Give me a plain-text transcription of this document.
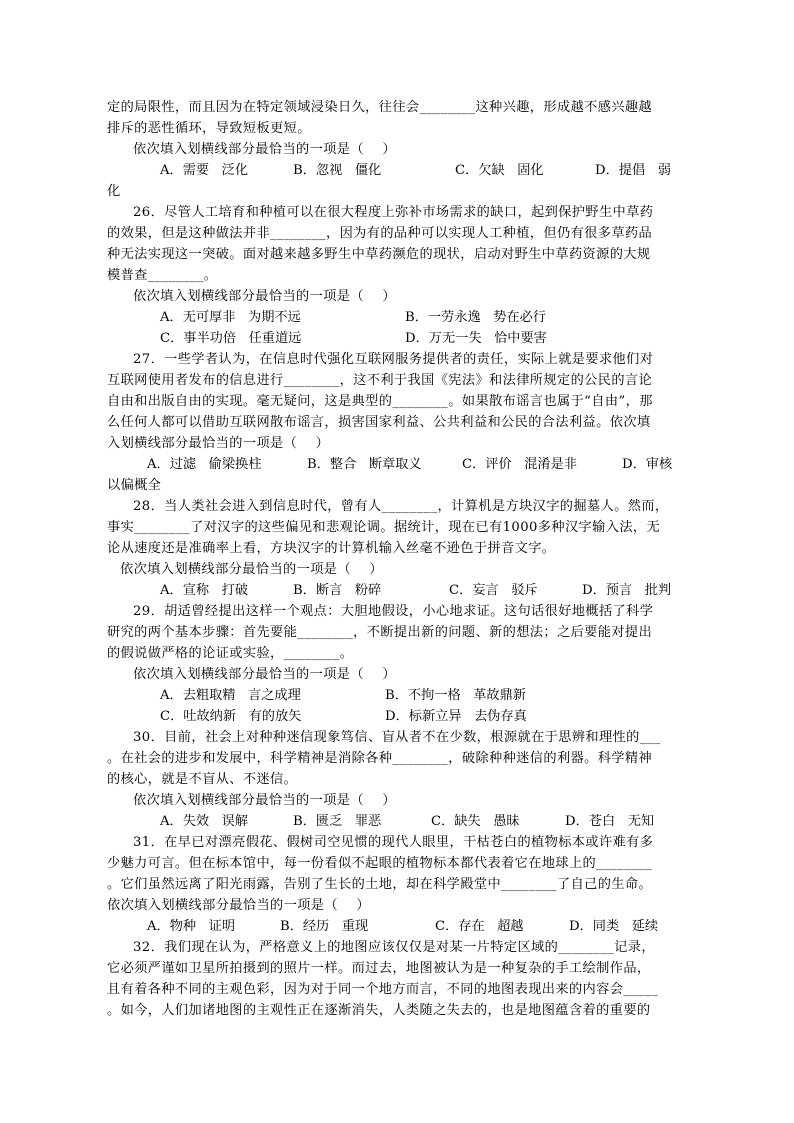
定的局限性，而且因为在特定领域浸染日久，往往会________这种兴趣，形成越不感兴趣越
排斥的恶性循环，导致短板更短。
依次填入划横线部分最恰当的一项是（    ）

A．需要   泛化

	B．忽视   僵化

	C．欠缺   固化

	D．提倡   弱

化
26．尽管人工培育和种植可以在很大程度上弥补市场需求的缺口，起到保护野生中草药
的效果，但是这种做法并非________，因为有的品种可以实现人工种植，但仍有很多草药品
种无法实现这一突破。面对越来越多野生中草药濒危的现状，启动对野生中草药资源的大规
模普查________。
依次填入划横线部分最恰当的一项是（    ）

A．无可厚非   为期不远

	B．一劳永逸   势在必行

C．事半功倍   任重道远

	D．万无一失   恰中要害

27．一些学者认为，在信息时代强化互联网服务提供者的责任，实际上就是要求他们对
互联网使用者发布的信息进行________，这不利于我国《宪法》和法律所规定的公民的言论
自由和出版自由的实现。毫无疑问，这是典型的________。如果散布谣言也属于“自由”，那
么任何人都可以借助互联网散布谣言，损害国家利益、公共利益和公民的合法利益。依次填
入划横线部分最恰当的一项是（    ）

A．过滤   偷梁换柱

	B．整合   断章取义

	C．评价   混淆是非

	D．审核

以偏概全
28．当人类社会进入到信息时代，曾有人________，计算机是方块汉字的掘墓人。然而，
事实________了对汉字的这些偏见和悲观论调。据统计，现在已有1000多种汉字输入法，无
论从速度还是准确率上看，方块汉字的计算机输入丝毫不逊色于拼音文字。
依次填入划横线部分最恰当的一项是（    ）

A．宣称   打破

	B．断言   粉碎

	C．妄言   驳斥

	D．预言   批判

29．胡适曾经提出这样一个观点：大胆地假设，小心地求证。这句话很好地概括了科学
研究的两个基本步骤：首先要能________，不断提出新的问题、新的想法；之后要能对提出
的假说做严格的论证或实验，________。
依次填入划横线部分最恰当的一项是（    ）

A．去粗取精   言之成理

	B．不拘一格   革故鼎新

C．吐故纳新   有的放矢

	D．标新立异   去伪存真

30．目前，社会上对种种迷信现象笃信、盲从者不在少数，根源就在于思辨和理性的___
。在社会的进步和发展中，科学精神是消除各种________，破除种种迷信的利器。科学精神
的核心，就是不盲从、不迷信。
依次填入划横线部分最恰当的一项是（    ）

A．失效   误解

	B．匮乏   罪恶

	C．缺失   愚昧

	D．苍白   无知

31．在早已对漂亮假花、假树司空见惯的现代人眼里，干枯苍白的植物标本或许难有多
少魅力可言。但在标本馆中，每一份看似不起眼的植物标本都代表着它在地球上的________
。它们虽然远离了阳光雨露，告别了生长的土地，却在科学殿堂中________了自己的生命。
依次填入划横线部分最恰当的一项是（    ）

A．物种   证明

	B．经历   重现

	C．存在   超越

	D．同类   延续

32．我们现在认为，严格意义上的地图应该仅仅是对某一片特定区域的________记录，
它必须严谨如卫星所拍摄到的照片一样。而过去，地图被认为是一种复杂的手工绘制作品，
且有着各种不同的主观色彩，因为对于同一个地方而言，不同的地图表现出来的内容会_____
。如今，人们加诸地图的主观性正在逐渐消失，人类随之失去的，也是地图蕴含着的重要的
